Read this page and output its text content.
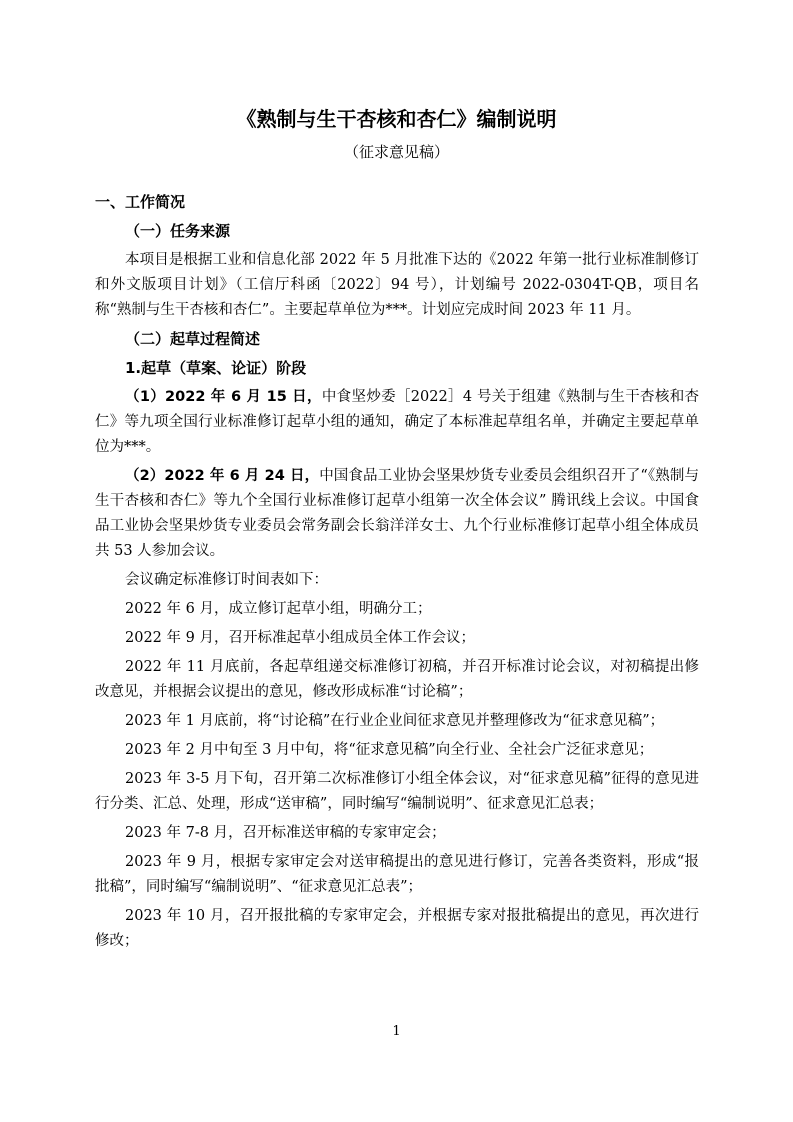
《熟制与生干杏核和杏仁》编制说明
（征求意见稿）
一、工作简况
（一）任务来源

本项目是根据工业和信息化部 2022 年 5 月批准下达的《2022 年第一批行业标准制修订和外文版项目计划》（工信厅科函〔2022〕94 号），计划编号 2022-0304T-QB，项目名称“熟制与生干杏核和杏仁”。主要起草单位为***。计划应完成时间 2023 年 11 月。

（二）起草过程简述
1.起草（草案、论证）阶段

（1）2022 年 6 月 15 日，中食坚炒委［2022］4 号关于组建《熟制与生干杏核和杏仁》等九项全国行业标准修订起草小组的通知，确定了本标准起草组名单，并确定主要起草单位为***。

（2）2022 年 6 月 24 日，中国食品工业协会坚果炒货专业委员会组织召开了“《熟制与生干杏核和杏仁》等九个全国行业标准修订起草小组第一次全体会议” 腾讯线上会议。中国食品工业协会坚果炒货专业委员会常务副会长翁洋洋女士、九个行业标准修订起草小组全体成员共 53 人参加会议。

会议确定标准修订时间表如下：

2022 年 6 月，成立修订起草小组，明确分工；

2022 年 9 月，召开标准起草小组成员全体工作会议；

2022 年 11 月底前，各起草组递交标准修订初稿，并召开标准讨论会议，对初稿提出修改意见，并根据会议提出的意见，修改形成标准“讨论稿”；

2023 年 1 月底前，将“讨论稿”在行业企业间征求意见并整理修改为“征求意见稿”；

2023 年 2 月中旬至 3 月中旬，将“征求意见稿”向全行业、全社会广泛征求意见；

2023 年 3-5 月下旬，召开第二次标准修订小组全体会议，对“征求意见稿”征得的意见进行分类、汇总、处理，形成“送审稿”，同时编写“编制说明”、征求意见汇总表；

2023 年 7-8 月，召开标准送审稿的专家审定会；

2023 年 9 月，根据专家审定会对送审稿提出的意见进行修订，完善各类资料，形成“报批稿”，同时编写“编制说明”、“征求意见汇总表”；

2023 年 10 月，召开报批稿的专家审定会，并根据专家对报批稿提出的意见，再次进行修改；

1
